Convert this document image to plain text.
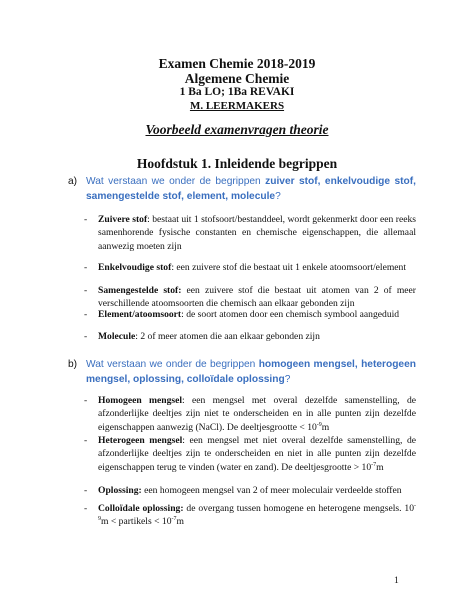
Examen Chemie 2018-2019
Algemene Chemie
1 Ba LO; 1Ba REVAKI
M. LEERMAKERS
Voorbeeld examenvragen theorie
Hoofdstuk 1. Inleidende begrippen
a) Wat verstaan we onder de begrippen zuiver stof, enkelvoudige stof, samengestelde stof, element, molecule?
- Zuivere stof: bestaat uit 1 stofsoort/bestanddeel, wordt gekenmerkt door een reeks samenhorende fysische constanten en chemische eigenschappen, die allemaal aanwezig moeten zijn
- Enkelvoudige stof: een zuivere stof die bestaat uit 1 enkele atoomsoort/element
- Samengestelde stof: een zuivere stof die bestaat uit atomen van 2 of meer verschillende atoomsoorten die chemisch aan elkaar gebonden zijn
- Element/atoomsoort: de soort atomen door een chemisch symbool aangeduid
- Molecule: 2 of meer atomen die aan elkaar gebonden zijn
b) Wat verstaan we onder de begrippen homogeen mengsel, heterogeen mengsel, oplossing, colloïdale oplossing?
- Homogeen mengsel: een mengsel met overal dezelfde samenstelling, de afzonderlijke deeltjes zijn niet te onderscheiden en in alle punten zijn dezelfde eigenschappen aanwezig (NaCl). De deeltjesgrootte < $10^{-9}m$
- Heterogeen mengsel: een mengsel met niet overal dezelfde samenstelling, de afzonderlijke deeltjes zijn te onderscheiden en niet in alle punten zijn dezelfde eigenschappen terug te vinden (water en zand). De deeltjesgrootte > $10^{-7}m$
- Oplossing: een homogeen mengsel van 2 of meer moleculair verdeelde stoffen
- Colloïdale oplossing: de overgang tussen homogene en heterogene mengsels. $10^{-9}m$ < partikels < $10^{-7}m$
1
